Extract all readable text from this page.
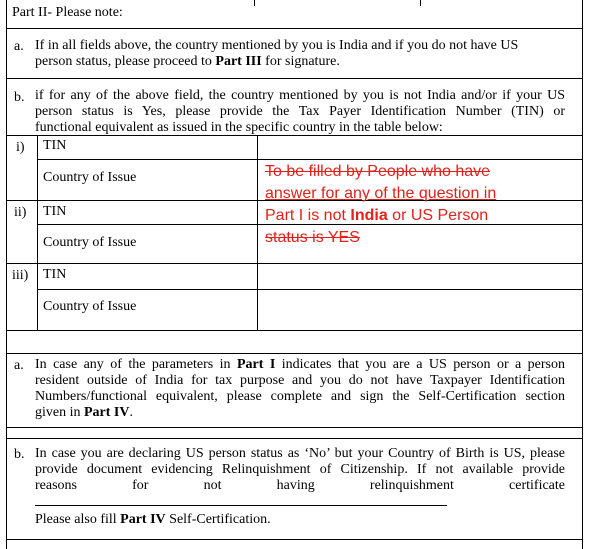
Part II- Please note:
a. If in all fields above, the country mentioned by you is India and if you do not have US
person status, please proceed to Part III for signature.
b. if for any of the above field, the country mentioned by you is not India and/or if your US
person status is Yes, please provide the Tax Payer Identification Number (TIN) or
functional equivalent as issued in the specific country in the table below:
i) TIN
Country of Issue
ii) TIN
Country of Issue
iii) TIN
Country of Issue
To be filled by People who have
answer for any of the question in
Part I is not India or US Person
status is YES
a. In case any of the parameters in Part I indicates that you are a US person or a person
resident outside of India for tax purpose and you do not have Taxpayer Identification
Numbers/functional equivalent, please complete and sign the Self-Certification section
given in Part IV.
b. In case you are declaring US person status as ‘No’ but your Country of Birth is US, please
provide document evidencing Relinquishment of Citizenship. If not available provide
reasons for not having relinquishment certificate
Please also fill Part IV Self-Certification.
